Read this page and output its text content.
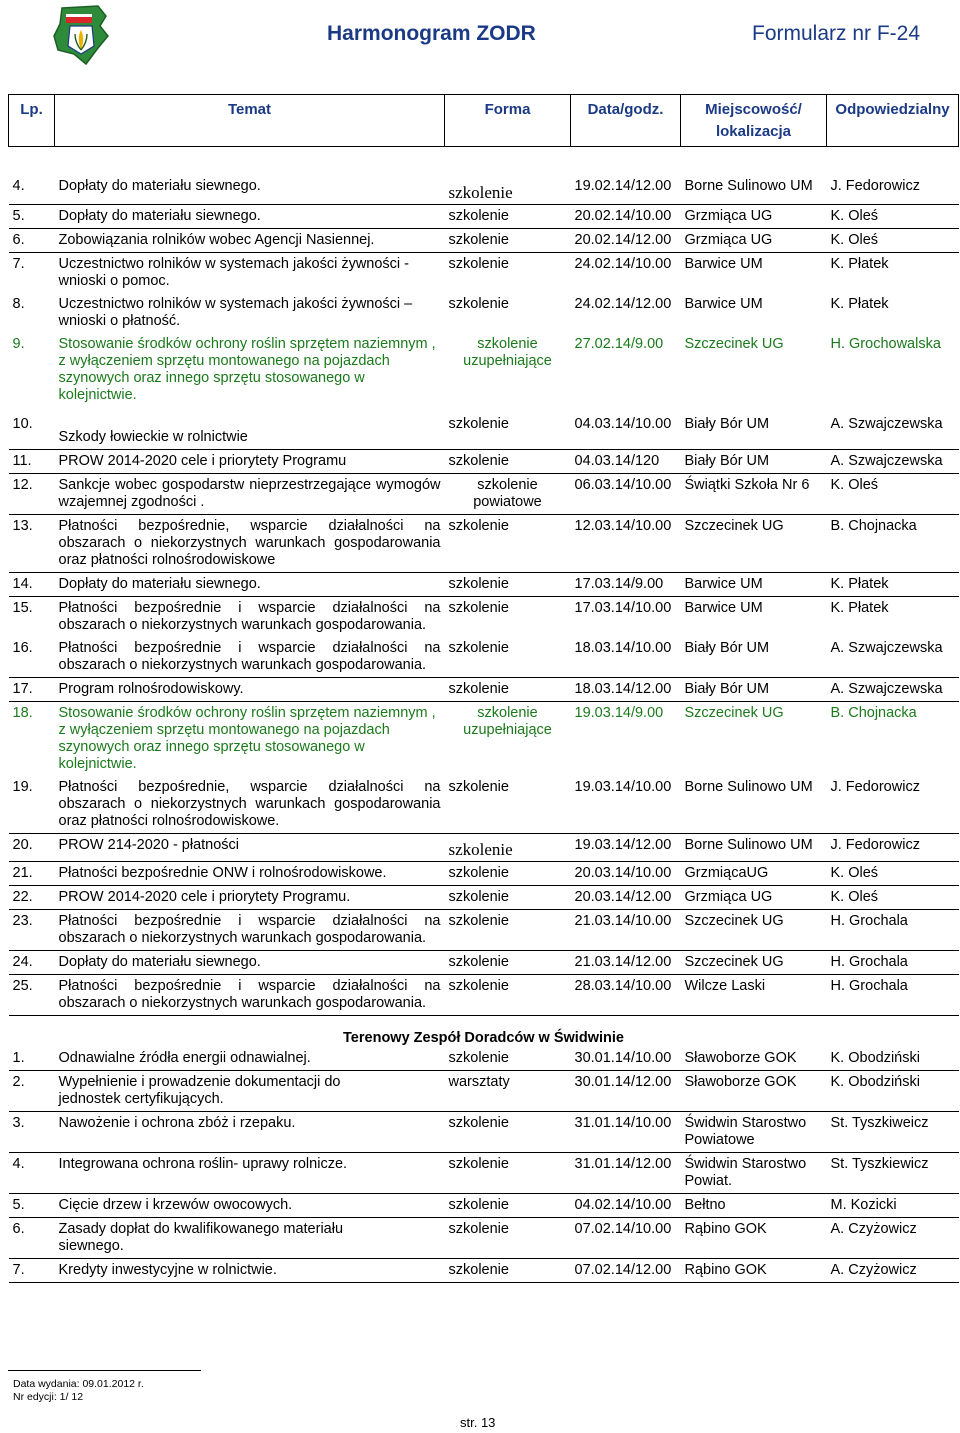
Harmonogram ZODR	Formularz nr F-24
Lp.	Temat	Forma	Data/godz.	Miejscowość/
lokalizacja	Odpowiedzialny

4.	Dopłaty do materiału siewnego.	szkolenie	19.02.14/12.00	Borne Sulinowo UM	J. Fedorowicz
5.	Dopłaty do materiału siewnego.	szkolenie	20.02.14/10.00	Grzmiąca UG	K. Oleś
6.	Zobowiązania rolników wobec Agencji Nasiennej.	szkolenie	20.02.14/12.00	Grzmiąca UG	K. Oleś
7.	Uczestnictwo rolników w systemach jakości żywności - wnioski o pomoc.	szkolenie	24.02.14/10.00	Barwice UM	K. Płatek
8.	Uczestnictwo rolników w systemach jakości żywności – wnioski o płatność.	szkolenie	24.02.14/12.00	Barwice UM	K. Płatek
9.	Stosowanie środków ochrony roślin sprzętem naziemnym , z wyłączeniem sprzętu montowanego na pojazdach szynowych oraz innego sprzętu stosowanego w kolejnictwie.	szkolenie uzupełniające	27.02.14/9.00	Szczecinek UG	H. Grochowalska
10.	Szkody łowieckie w rolnictwie	szkolenie	04.03.14/10.00	Biały Bór UM	A. Szwajczewska
11.	PROW 2014-2020 cele i priorytety Programu	szkolenie	04.03.14/120	Biały Bór UM	A. Szwajczewska
12.	Sankcje wobec gospodarstw nieprzestrzegające wymogów wzajemnej zgodności .	szkolenie powiatowe	06.03.14/10.00	Świątki Szkoła Nr 6	K. Oleś
13.	Płatności bezpośrednie, wsparcie działalności na obszarach o niekorzystnych warunkach gospodarowania oraz płatności rolnośrodowiskowe	szkolenie	12.03.14/10.00	Szczecinek UG	B. Chojnacka
14.	Dopłaty do materiału siewnego.	szkolenie	17.03.14/9.00	Barwice UM	K. Płatek
15.	Płatności bezpośrednie i wsparcie działalności na obszarach o niekorzystnych warunkach gospodarowania.	szkolenie	17.03.14/10.00	Barwice UM	K. Płatek
16.	Płatności bezpośrednie i wsparcie działalności na obszarach o niekorzystnych warunkach gospodarowania.	szkolenie	18.03.14/10.00	Biały Bór UM	A. Szwajczewska
17.	Program rolnośrodowiskowy.	szkolenie	18.03.14/12.00	Biały Bór UM	A. Szwajczewska
18.	Stosowanie środków ochrony roślin sprzętem naziemnym , z wyłączeniem sprzętu montowanego na pojazdach szynowych oraz innego sprzętu stosowanego w kolejnictwie.	szkolenie uzupełniające	19.03.14/9.00	Szczecinek UG	B. Chojnacka
19.	Płatności bezpośrednie, wsparcie działalności na obszarach o niekorzystnych warunkach gospodarowania oraz płatności rolnośrodowiskowe.	szkolenie	19.03.14/10.00	Borne Sulinowo UM	J. Fedorowicz
20.	PROW 214-2020 - płatności	szkolenie	19.03.14/12.00	Borne Sulinowo UM	J. Fedorowicz
21.	Płatności bezpośrednie ONW i rolnośrodowiskowe.	szkolenie	20.03.14/10.00	GrzmiącaUG	K. Oleś
22.	PROW 2014-2020 cele i priorytety Programu.	szkolenie	20.03.14/12.00	Grzmiąca UG	K. Oleś
23.	Płatności bezpośrednie i wsparcie działalności na obszarach o niekorzystnych warunkach gospodarowania.	szkolenie	21.03.14/10.00	Szczecinek UG	H. Grochala
24.	Dopłaty do materiału siewnego.	szkolenie	21.03.14/12.00	Szczecinek UG	H. Grochala
25.	Płatności bezpośrednie i wsparcie działalności na obszarach o niekorzystnych warunkach gospodarowania.	szkolenie	28.03.14/10.00	Wilcze Laski	H. Grochala
Terenowy Zespół Doradców w Świdwinie					
1.	Odnawialne źródła energii odnawialnej.	szkolenie	30.01.14/10.00	Sławoborze GOK	K. Obodziński
2.	Wypełnienie i prowadzenie dokumentacji do jednostek certyfikujących.	warsztaty	30.01.14/12.00	Sławoborze GOK	K. Obodziński
3.	Nawożenie i ochrona zbóż i rzepaku.	szkolenie	31.01.14/10.00	Świdwin Starostwo Powiatowe	St. Tyszkiweicz
4.	Integrowana ochrona roślin- uprawy rolnicze.	szkolenie	31.01.14/12.00	Świdwin Starostwo Powiat.	St. Tyszkiewicz
5.	Cięcie drzew i krzewów owocowych.	szkolenie	04.02.14/10.00	Bełtno	M. Kozicki
6.	Zasady dopłat do kwalifikowanego materiału siewnego.	szkolenie	07.02.14/10.00	Rąbino GOK	A. Czyżowicz
7.	Kredyty inwestycyjne w rolnictwie.	szkolenie	07.02.14/12.00	Rąbino GOK	A. Czyżowicz
Data wydania: 09.01.2012 r.
Nr edycji: 1/ 12
str. 13
